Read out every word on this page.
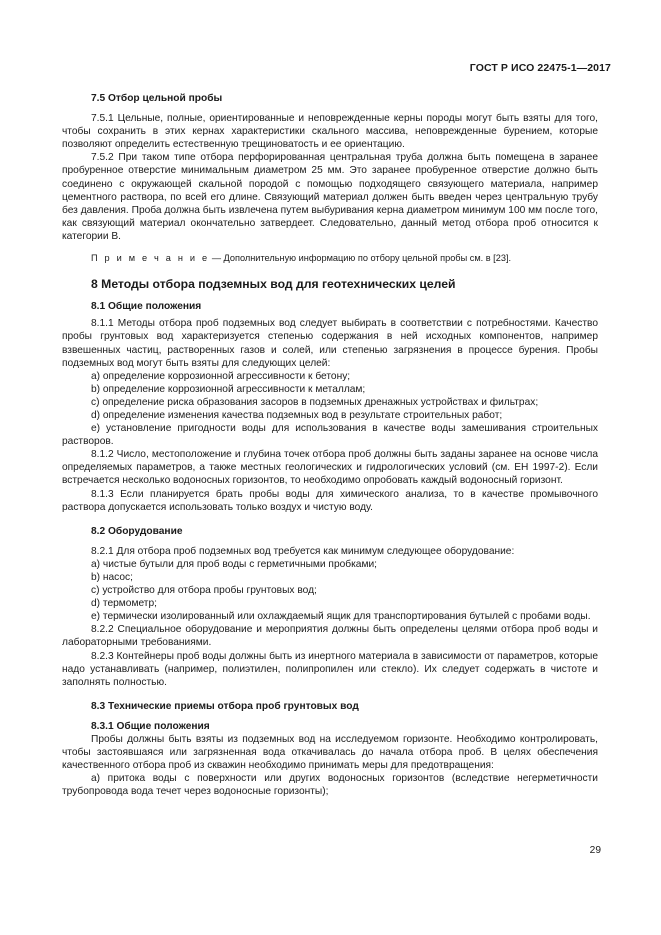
ГОСТ Р ИСО 22475-1—2017
7.5 Отбор цельной пробы

7.5.1 Цельные, полные, ориентированные и неповрежденные керны породы могут быть взяты для того, чтобы сохранить в этих кернах характеристики скального массива, неповрежденные бурением, которые позволяют определить естественную трещиноватость и ее ориентацию.

7.5.2 При таком типе отбора перфорированная центральная труба должна быть помещена в заранее пробуренное отверстие минимальным диаметром 25 мм. Это заранее пробуренное отверстие должно быть соединено с окружающей скальной породой с помощью подходящего связующего материала, например цементного раствора, по всей его длине. Связующий материал должен быть введен через центральную трубу без давления. Проба должна быть извлечена путем выбуривания керна диаметром минимум 100 мм после того, как связующий материал окончательно затвердеет. Следовательно, данный метод отбора проб относится к категории В.

П р и м е ч а н и е — Дополнительную информацию по отбору цельной пробы см. в [23].

8 Методы отбора подземных вод для геотехнических целей
8.1 Общие положения

8.1.1 Методы отбора проб подземных вод следует выбирать в соответствии с потребностями. Качество пробы грунтовых вод характеризуется степенью содержания в ней исходных компонентов, например взвешенных частиц, растворенных газов и солей, или степенью загрязнения в процессе бурения. Пробы подземных вод могут быть взяты для следующих целей:

a) определение коррозионной агрессивности к бетону;

b) определение коррозионной агрессивности к металлам;

c) определение риска образования засоров в подземных дренажных устройствах и фильтрах;

d) определение изменения качества подземных вод в результате строительных работ;

e) установление пригодности воды для использования в качестве воды замешивания строительных растворов.

8.1.2 Число, местоположение и глубина точек отбора проб должны быть заданы заранее на основе числа определяемых параметров, а также местных геологических и гидрологических условий (см. ЕН 1997-2). Если встречается несколько водоносных горизонтов, то необходимо опробовать каждый водоносный горизонт.

8.1.3 Если планируется брать пробы воды для химического анализа, то в качестве промывочного раствора допускается использовать только воздух и чистую воду.

8.2 Оборудование

8.2.1 Для отбора проб подземных вод требуется как минимум следующее оборудование:

a) чистые бутыли для проб воды с герметичными пробками;

b) насос;

c) устройство для отбора пробы грунтовых вод;

d) термометр;

e) термически изолированный или охлаждаемый ящик для транспортирования бутылей с пробами воды.

8.2.2 Специальное оборудование и мероприятия должны быть определены целями отбора проб воды и лабораторными требованиями.

8.2.3 Контейнеры проб воды должны быть из инертного материала в зависимости от параметров, которые надо устанавливать (например, полиэтилен, полипропилен или стекло). Их следует содержать в чистоте и заполнять полностью.

8.3 Технические приемы отбора проб грунтовых вод
8.3.1 Общие положения

Пробы должны быть взяты из подземных вод на исследуемом горизонте. Необходимо контролировать, чтобы застоявшаяся или загрязненная вода откачивалась до начала отбора проб. В целях обеспечения качественного отбора проб из скважин необходимо принимать меры для предотвращения:

а) притока воды с поверхности или других водоносных горизонтов (вследствие негерметичности трубопровода вода течет через водоносные горизонты);

29
